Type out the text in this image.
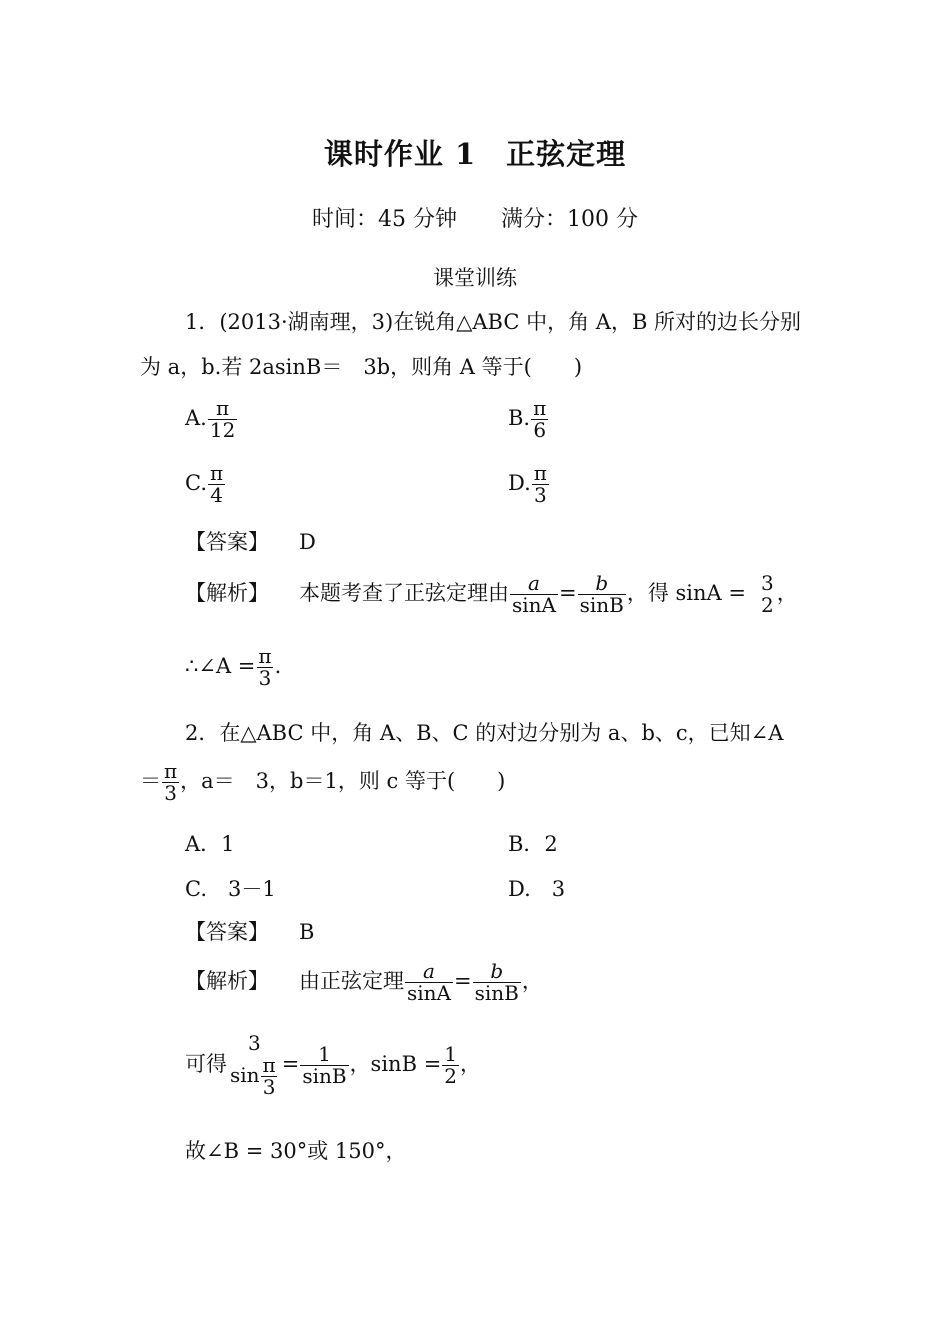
课时作业 1　正弦定理
时间：45 分钟 满分：100 分
课堂训练
1．(2013·湖南理，3)在锐角△ABC 中，角 A，B 所对的边长分别
为 a，b.若 2asinB＝　3b，则角 A 等于(　　)
A. $\frac{\pi}{12}$	B. $\frac{\pi}{6}$
C. $\frac{\pi}{4}$	D. $\frac{\pi}{3}$
【答案】 D
【解析】 本题考查了正弦定理由 $\frac{a}{\sin A} = \frac{b}{\sin B}$ ，得 sinA = 3
2 ，
∴∠A = $\frac{\pi}{3}$ .
2．在△ABC 中，角 A、B、C 的对边分别为 a、b、c，已知∠A
＝ $\frac{\pi}{3}$ ，a＝　3，b＝1，则 c 等于(　　)
A．1	B．2
C.　3－1	D.　3
【答案】 B
【解析】 由正弦定理 $\frac{a}{\sin A} = \frac{b}{\sin B}$ ，
可得
3
$\sin \frac{\pi}{3} = \frac{1}{\sin B}$ ，$\sin B = \frac{1}{2}$ ，
故∠B = 30°或 150°，
